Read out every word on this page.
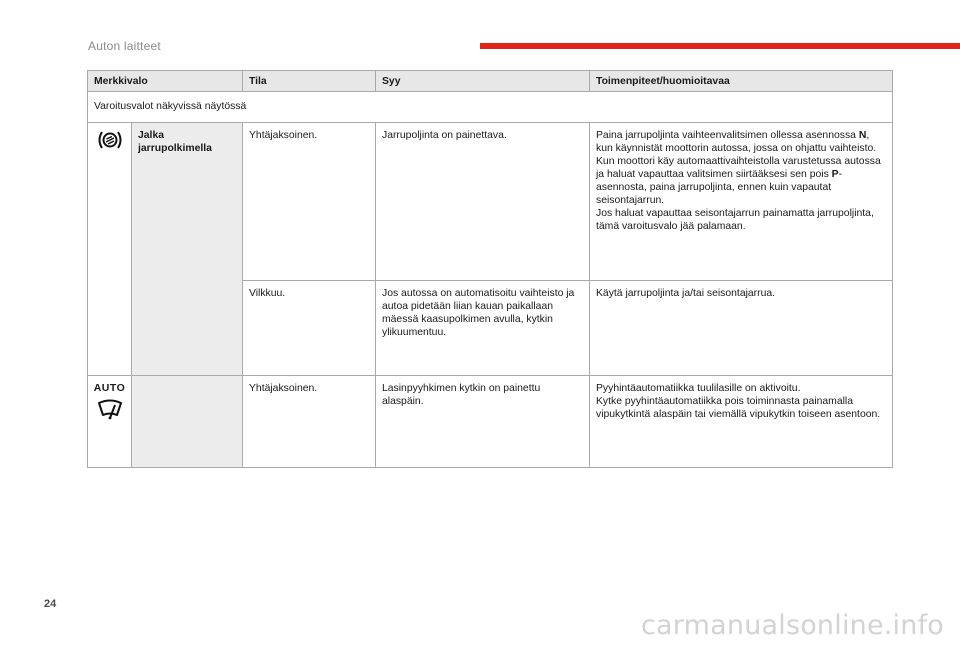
Auton laitteet
Merkkivalo		Tila	Syy	Toimenpiteet/huomioitavaa
Varoitusvalot näkyvissä näytössä				
	Jalka jarrupolkimella	Yhtäjaksoinen.	Jarrupoljinta on painettava.	Paina jarrupoljinta vaihteenvalitsimen ollessa asennossa N, kun käynnistät moottorin autossa, jossa on ohjattu vaihteisto.
Kun moottori käy automaattivaihteistolla varustetussa autossa ja haluat vapauttaa valitsimen siirtääksesi sen pois P-asennosta, paina jarrupoljinta, ennen kuin vapautat seisontajarrun.
Jos haluat vapauttaa seisontajarrun painamatta jarrupoljinta, tämä varoitusvalo jää palamaan.
		Vilkkuu.	Jos autossa on automatisoitu vaihteisto ja autoa pidetään liian kauan paikallaan mäessä kaasupolkimen avulla, kytkin ylikuumentuu.	Käytä jarrupoljinta ja/tai seisontajarrua.

AUTO		Yhtäjaksoinen.	Lasinpyyhkimen kytkin on painettu alaspäin.	Pyyhintäautomatiikka tuulilasille on aktivoitu.
Kytke pyyhintäautomatiikka pois toiminnasta painamalla vipukytkintä alaspäin tai viemällä vipukytkin toiseen asentoon.
24
carmanualsonline.info
